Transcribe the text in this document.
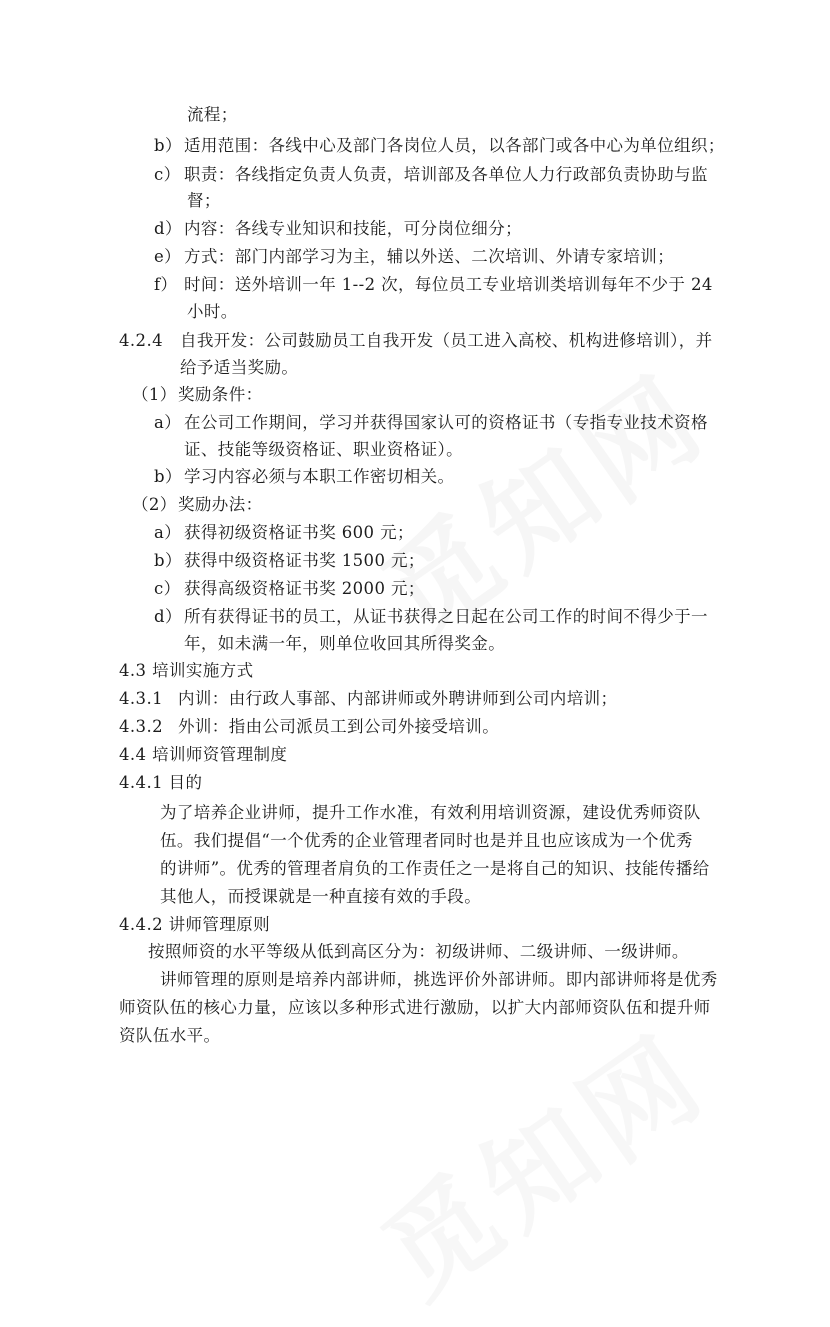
流程；
b） 适用范围：各线中心及部门各岗位人员，以各部门或各中心为单位组织；
c） 职责：各线指定负责人负责，培训部及各单位人力行政部负责协助与监
督；
d） 内容：各线专业知识和技能，可分岗位细分；
e） 方式：部门内部学习为主，辅以外送、二次培训、外请专家培训；
f） 时间：送外培训一年 1--2 次，每位员工专业培训类培训每年不少于 24
小时。
4.2.4 自我开发：公司鼓励员工自我开发（员工进入高校、机构进修培训），并
给予适当奖励。
（1） 奖励条件：
a） 在公司工作期间，学习并获得国家认可的资格证书（专指专业技术资格
证、技能等级资格证、职业资格证）。
b） 学习内容必须与本职工作密切相关。
（2） 奖励办法：
a） 获得初级资格证书奖 600 元；
b） 获得中级资格证书奖 1500 元；
c） 获得高级资格证书奖 2000 元；
d） 所有获得证书的员工，从证书获得之日起在公司工作的时间不得少于一
年，如未满一年，则单位收回其所得奖金。
4.3 培训实施方式
4.3.1 内训：由行政人事部、内部讲师或外聘讲师到公司内培训；
4.3.2 外训：指由公司派员工到公司外接受培训。
4.4 培训师资管理制度
4.4.1 目的
为了培养企业讲师，提升工作水准，有效利用培训资源，建设优秀师资队
伍。我们提倡“一个优秀的企业管理者同时也是并且也应该成为一个优秀
的讲师”。优秀的管理者肩负的工作责任之一是将自己的知识、技能传播给
其他人，而授课就是一种直接有效的手段。
4.4.2 讲师管理原则
按照师资的水平等级从低到高区分为：初级讲师、二级讲师、一级讲师。
讲师管理的原则是培养内部讲师，挑选评价外部讲师。即内部讲师将是优秀
师资队伍的核心力量，应该以多种形式进行激励，以扩大内部师资队伍和提升师
资队伍水平。
